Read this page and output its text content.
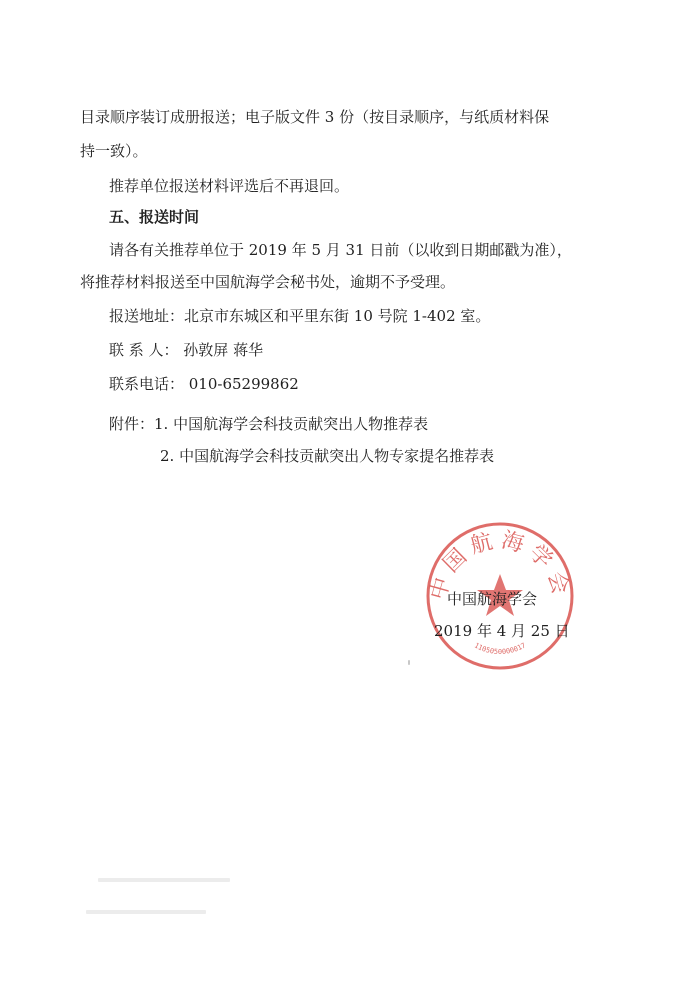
目录顺序装订成册报送；电子版文件 3 份（按目录顺序，与纸质材料保
持一致）。
推荐单位报送材料评选后不再退回。
五、报送时间
请各有关推荐单位于 2019 年 5 月 31 日前（以收到日期邮戳为准），
将推荐材料报送至中国航海学会秘书处，逾期不予受理。
报送地址：北京市东城区和平里东街 10 号院 1-402 室。
联 系 人： 孙敦屏 蒋华
联系电话： 010-65299862
附件：1. 中国航海学会科技贡献突出人物推荐表
2. 中国航海学会科技贡献突出人物专家提名推荐表
中国航海学会
1105050000017
中国航海学会
2019 年 4 月 25 日
